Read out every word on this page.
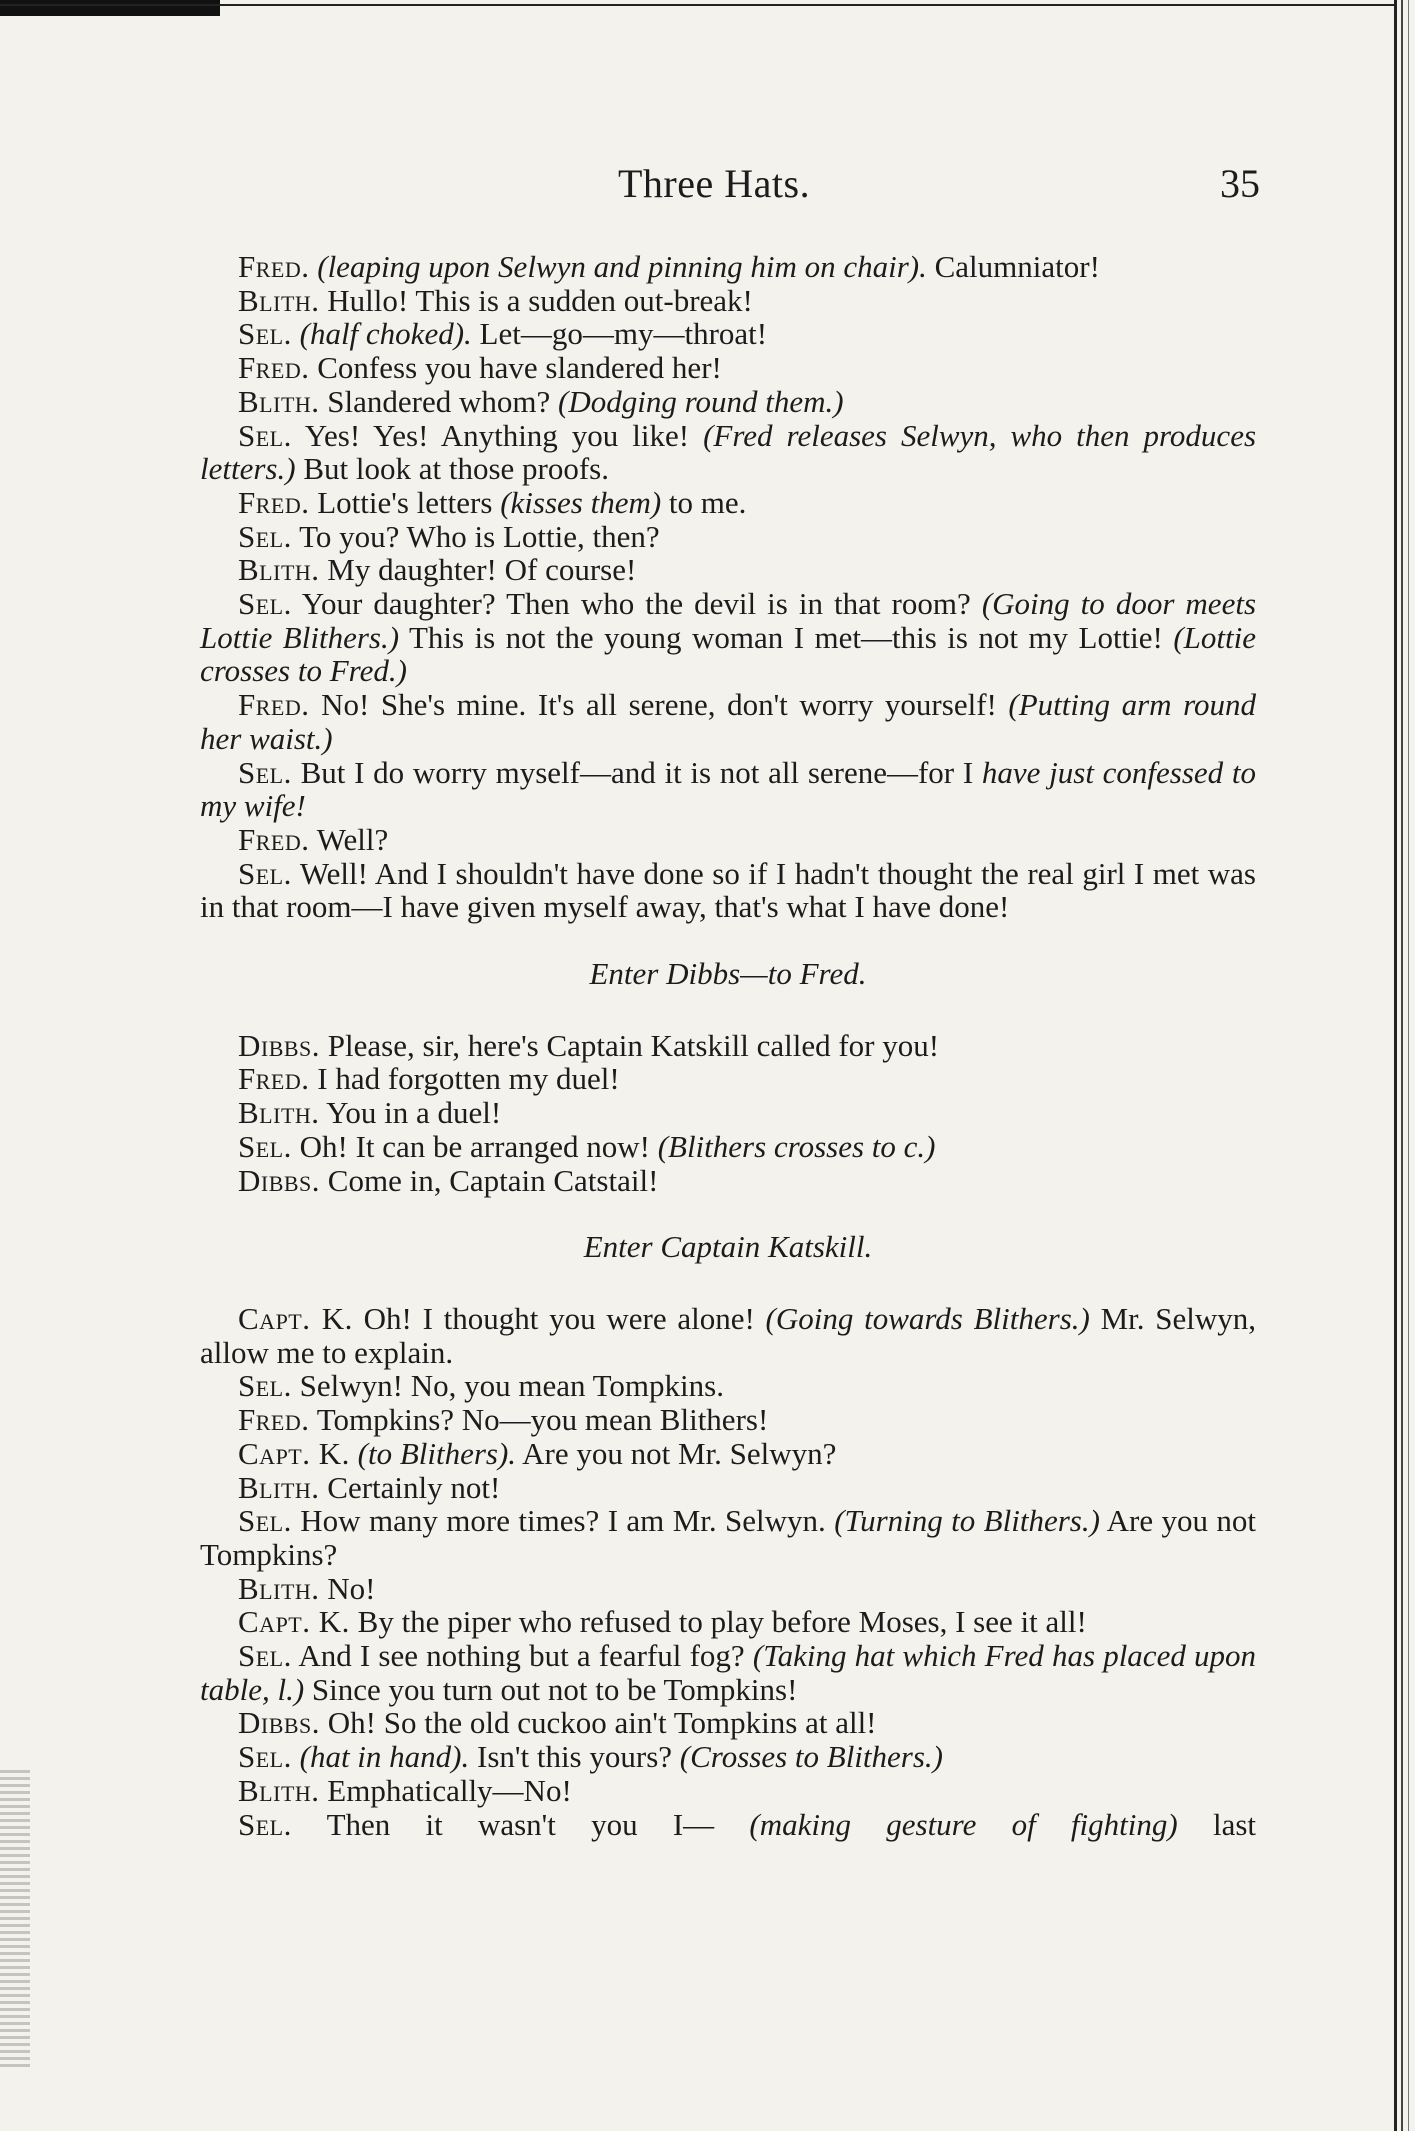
Three Hats.	35

Fred. (leaping upon Selwyn and pinning him on chair). Calumniator!

Blith. Hullo! This is a sudden out-break!

Sel. (half choked). Let—go—my—throat!

Fred. Confess you have slandered her!

Blith. Slandered whom? (Dodging round them.)

Sel. Yes! Yes! Anything you like! (Fred releases Selwyn, who then produces letters.) But look at those proofs.

Fred. Lottie's letters (kisses them) to me.

Sel. To you? Who is Lottie, then?

Blith. My daughter! Of course!

Sel. Your daughter? Then who the devil is in that room? (Going to door meets Lottie Blithers.) This is not the young woman I met—this is not my Lottie! (Lottie crosses to Fred.)

Fred. No! She's mine. It's all serene, don't worry yourself! (Putting arm round her waist.)

Sel. But I do worry myself—and it is not all serene—for I have just confessed to my wife!

Fred. Well?

Sel. Well! And I shouldn't have done so if I hadn't thought the real girl I met was in that room—I have given myself away, that's what I have done!

Enter Dibbs—to Fred.

Dibbs. Please, sir, here's Captain Katskill called for you!

Fred. I had forgotten my duel!

Blith. You in a duel!

Sel. Oh! It can be arranged now! (Blithers crosses to c.)

Dibbs. Come in, Captain Catstail!

Enter Captain Katskill.

Capt. K. Oh! I thought you were alone! (Going towards Blithers.) Mr. Selwyn, allow me to explain.

Sel. Selwyn! No, you mean Tompkins.

Fred. Tompkins? No—you mean Blithers!

Capt. K. (to Blithers). Are you not Mr. Selwyn?

Blith. Certainly not!

Sel. How many more times? I am Mr. Selwyn. (Turning to Blithers.) Are you not Tompkins?

Blith. No!

Capt. K. By the piper who refused to play before Moses, I see it all!

Sel. And I see nothing but a fearful fog? (Taking hat which Fred has placed upon table, l.) Since you turn out not to be Tompkins!

Dibbs. Oh! So the old cuckoo ain't Tompkins at all!

Sel. (hat in hand). Isn't this yours? (Crosses to Blithers.)

Blith. Emphatically—No!

Sel. Then it wasn't you I— (making gesture of fighting) last
